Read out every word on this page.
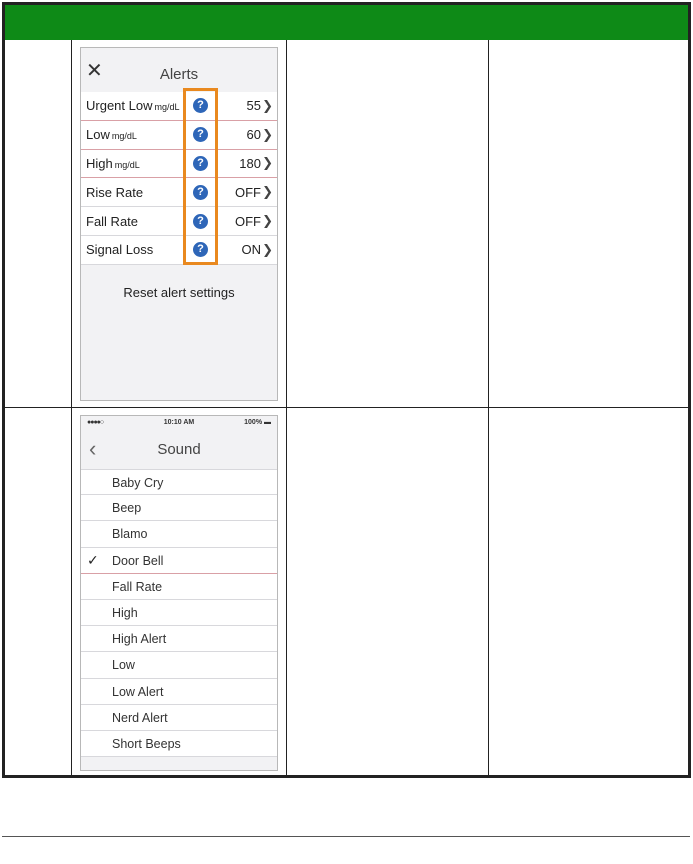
✕	Alerts
Urgent Low mg/dL	?	55 ❯
Low mg/dL	?	60 ❯
High mg/dL	?	180 ❯
Rise Rate	?	OFF ❯
Fall Rate	?	OFF ❯
Signal Loss	?	ON ❯
Reset alert settings
●●●●○	10:10 AM	100% ▬
‹	Sound
Baby Cry
Beep
Blamo
✓ Door Bell
Fall Rate
High
High Alert
Low
Low Alert
Nerd Alert
Short Beeps
